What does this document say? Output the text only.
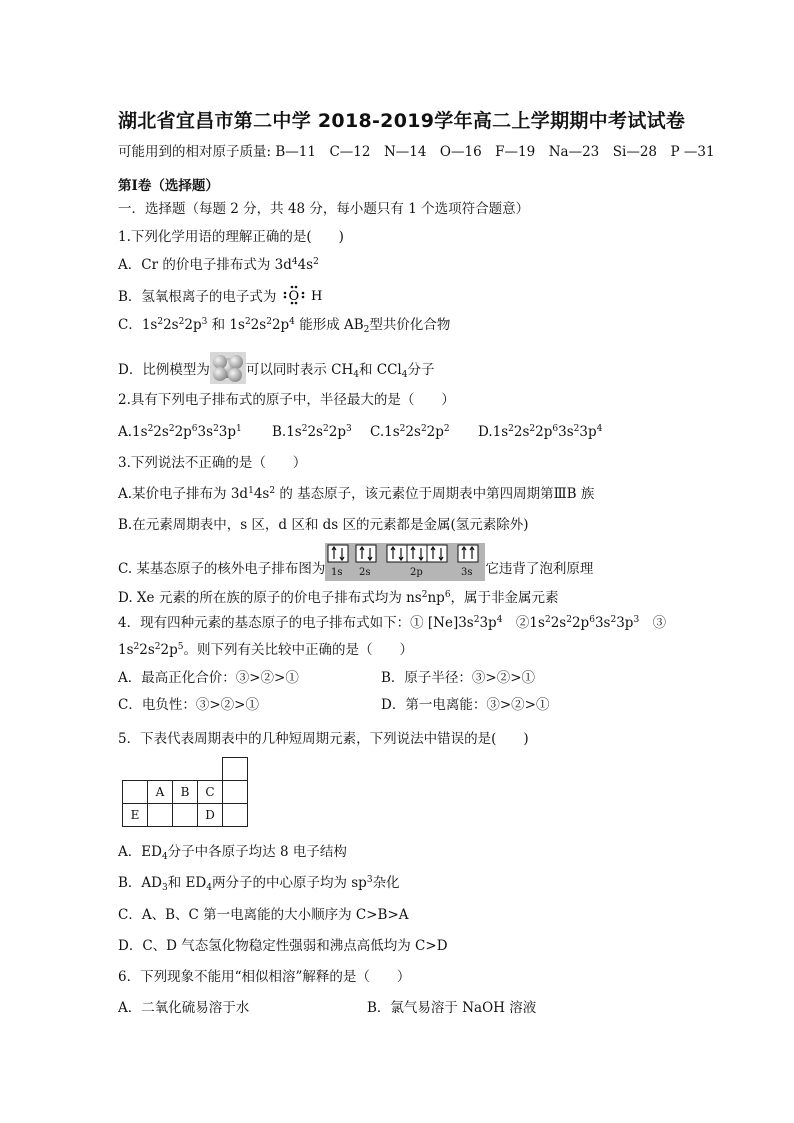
湖北省宜昌市第二中学 2018-2019学年高二上学期期中考试试卷
可能用到的相对原子质量: B—11　C—12　N—14　O—16　F—19　Na—23　Si—28　P —31
第Ⅰ卷（选择题）
一．选择题（每题 2 分，共 48 分，每小题只有 1 个选项符合题意）
1.下列化学用语的理解正确的是(　　)
A．Cr 的价电子排布式为 $3d^44s^2$
B．氢氧根离子的电子式为 O H
C．$1s^22s^22p^3$ 和 $1s^22s^22p^4$ 能形成 $AB_2$型共价化合物
D．比例模型为	可以同时表示 $CH_4$和 CCl$_4$分子
2.具有下列电子排布式的原子中，半径最大的是（　　）
$A.1s^22s^22p^63s^23p^1$ $B.1s^22s^22p^3$ $C.1s^22s^22p^2$ $D.1s^22s^22p^63s^23p^4$
3.下列说法不正确的是（　　）
A.某价电子排布为 $3d^14s^2$ 的 基态原子，该元素位于周期表中第四周期第ⅢB 族
B.在元素周期表中，s 区，d 区和 ds 区的元素都是金属(氢元素除外)
C. 某基态原子的核外电子排布图为 1s 2s	2p	3s 它违背了泡利原理
D. Xe 元素的所在族的原子的价电子排布式均为 $ns^2np^6$，属于非金属元素
4．现有四种元素的基态原子的电子排布式如下：① $[Ne]3s^23p^4$　$②1s^22s^22p^63s^23p^3$　③
$1s^22s^22p^5$。则下列有关比较中正确的是（　　）
A．最高正化合价：③>②>①	B．原子半径：③>②>①
C．电负性：③>②>①	D．第一电离能：③>②>①
5．下表代表周期表中的几种短周期元素，下列说法中错误的是(　　)

	A	B	C	
E			D	
A．$ED_4$分子中各原子均达 8 电子结构
B．$AD_3$和 $ED_4$两分子的中心原子均为 $sp^3$杂化
C．A、B、C 第一电离能的大小顺序为 C>B>A
D．C、D 气态氢化物稳定性强弱和沸点高低均为 C>D
6．下列现象不能用“相似相溶”解释的是（　　）
A．二氧化硫易溶于水	B．氯气易溶于 NaOH 溶液
